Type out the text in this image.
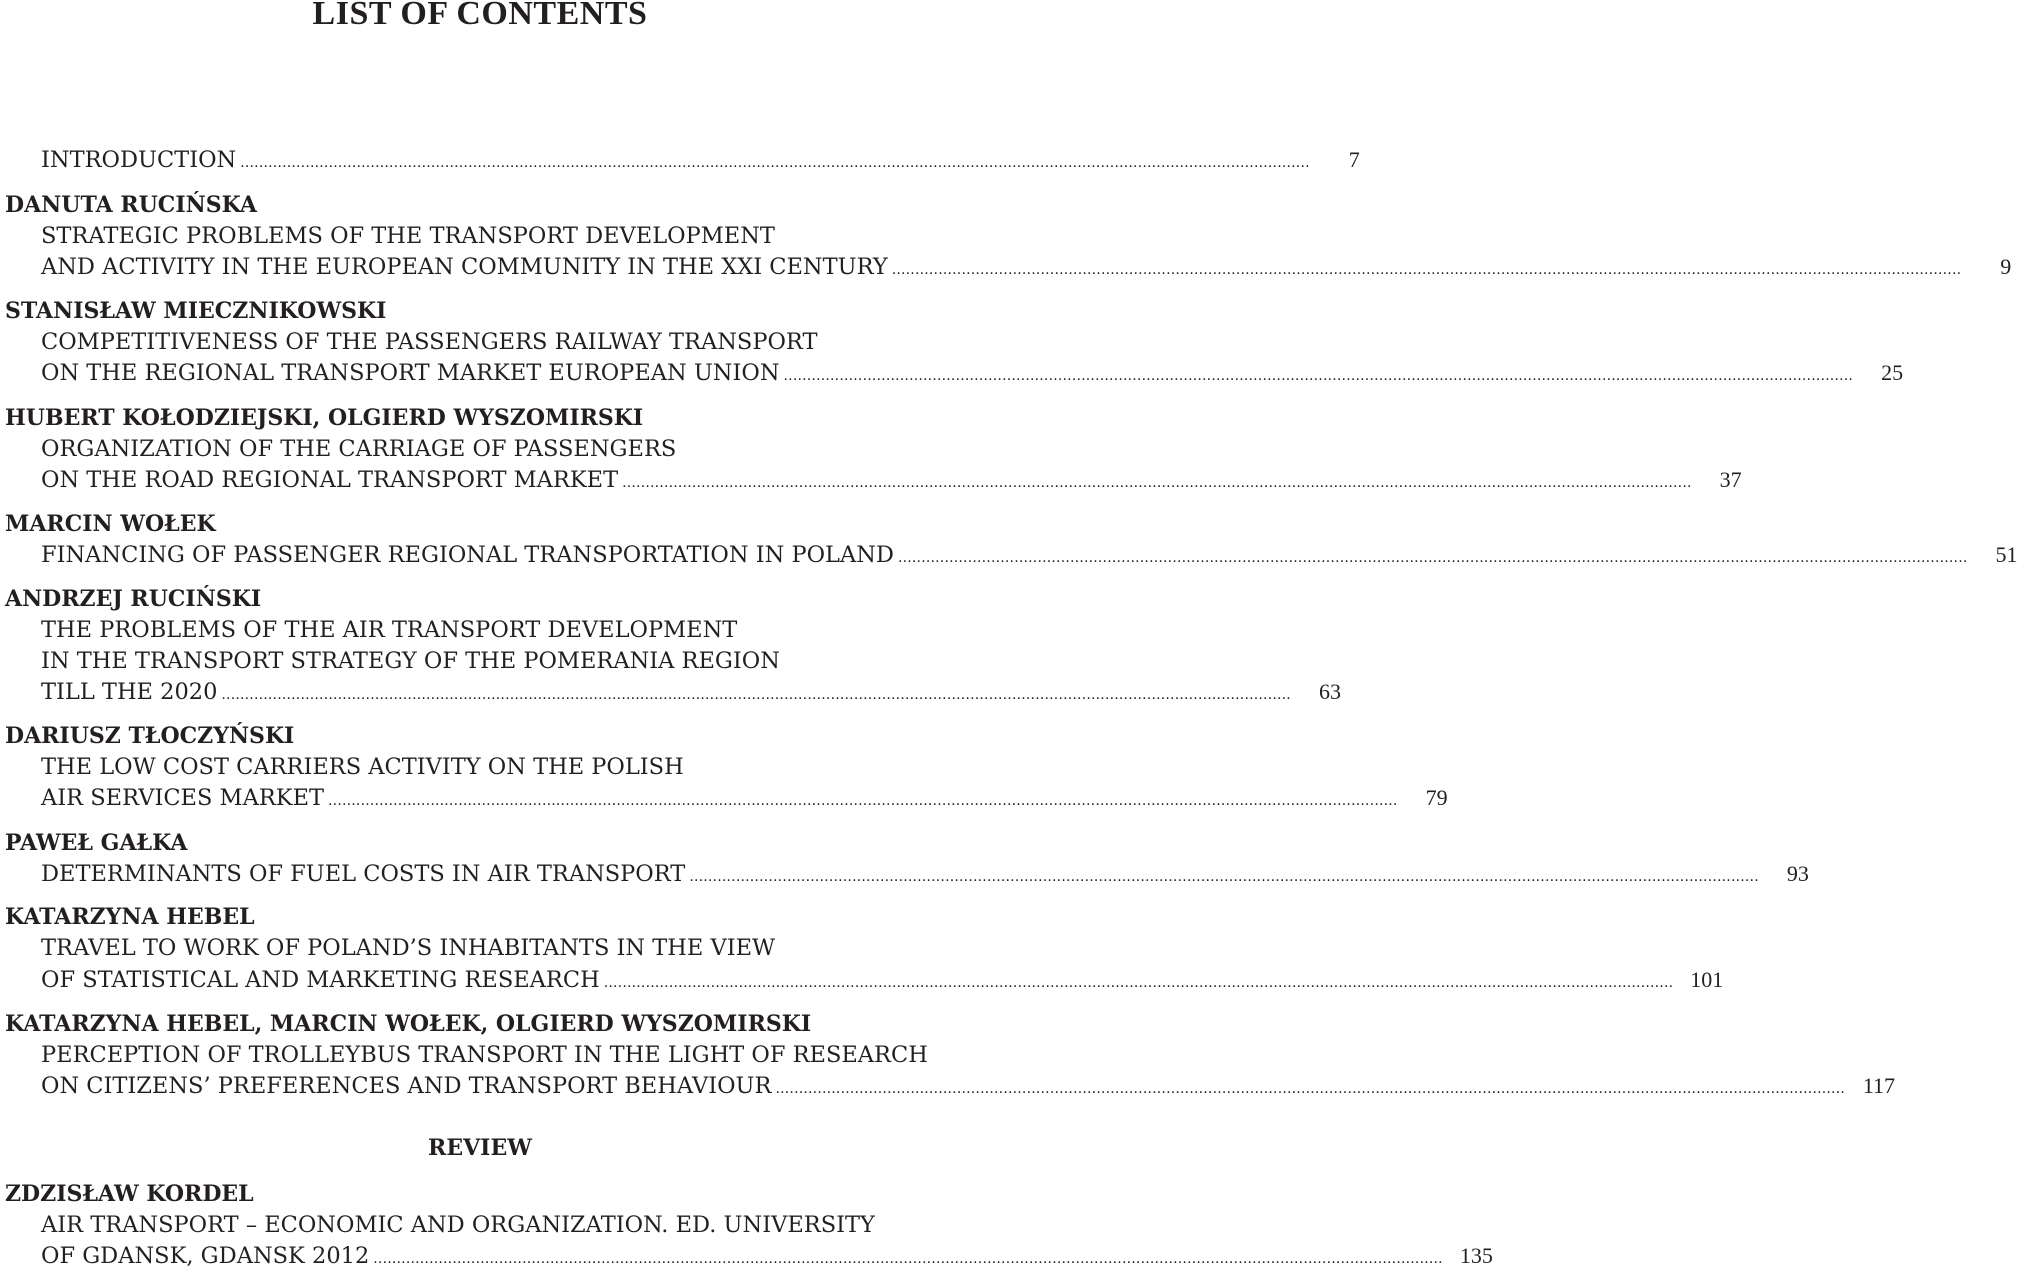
LIST OF CONTENTS
INTRODUCTION ......................................................................................................................................................................................................................................	7
DANUTA RUCIŃSKA
STRATEGIC PROBLEMS OF THE TRANSPORT DEVELOPMENT
AND ACTIVITY IN THE EUROPEAN COMMUNITY IN THE XXI CENTURY ......................................................................................................................................................................................................................................	9
STANISŁAW MIECZNIKOWSKI
COMPETITIVENESS OF THE PASSENGERS RAILWAY TRANSPORT
ON THE REGIONAL TRANSPORT MARKET EUROPEAN UNION ......................................................................................................................................................................................................................................	25
HUBERT KOŁODZIEJSKI, OLGIERD WYSZOMIRSKI
ORGANIZATION OF THE CARRIAGE OF PASSENGERS
ON THE ROAD REGIONAL TRANSPORT MARKET ......................................................................................................................................................................................................................................	37
MARCIN WOŁEK
FINANCING OF PASSENGER REGIONAL TRANSPORTATION IN POLAND ......................................................................................................................................................................................................................................	51
ANDRZEJ RUCIŃSKI
THE PROBLEMS OF THE AIR TRANSPORT DEVELOPMENT
IN THE TRANSPORT STRATEGY OF THE POMERANIA REGION
TILL THE 2020 ......................................................................................................................................................................................................................................	63
DARIUSZ TŁOCZYŃSKI
THE LOW COST CARRIERS ACTIVITY ON THE POLISH
AIR SERVICES MARKET ......................................................................................................................................................................................................................................	79
PAWEŁ GAŁKA
DETERMINANTS OF FUEL COSTS IN AIR TRANSPORT ......................................................................................................................................................................................................................................	93
KATARZYNA HEBEL
TRAVEL TO WORK OF POLAND’S INHABITANTS IN THE VIEW
OF STATISTICAL AND MARKETING RESEARCH ...................................................................................................................................................................................................................................... 101
KATARZYNA HEBEL, MARCIN WOŁEK, OLGIERD WYSZOMIRSKI
PERCEPTION OF TROLLEYBUS TRANSPORT IN THE LIGHT OF RESEARCH
ON CITIZENS’ PREFERENCES AND TRANSPORT BEHAVIOUR ...................................................................................................................................................................................................................................... 117
REVIEW
ZDZISŁAW KORDEL
AIR TRANSPORT – ECONOMIC AND ORGANIZATION. ED. UNIVERSITY
OF GDANSK, GDANSK 2012 ...................................................................................................................................................................................................................................... 135
